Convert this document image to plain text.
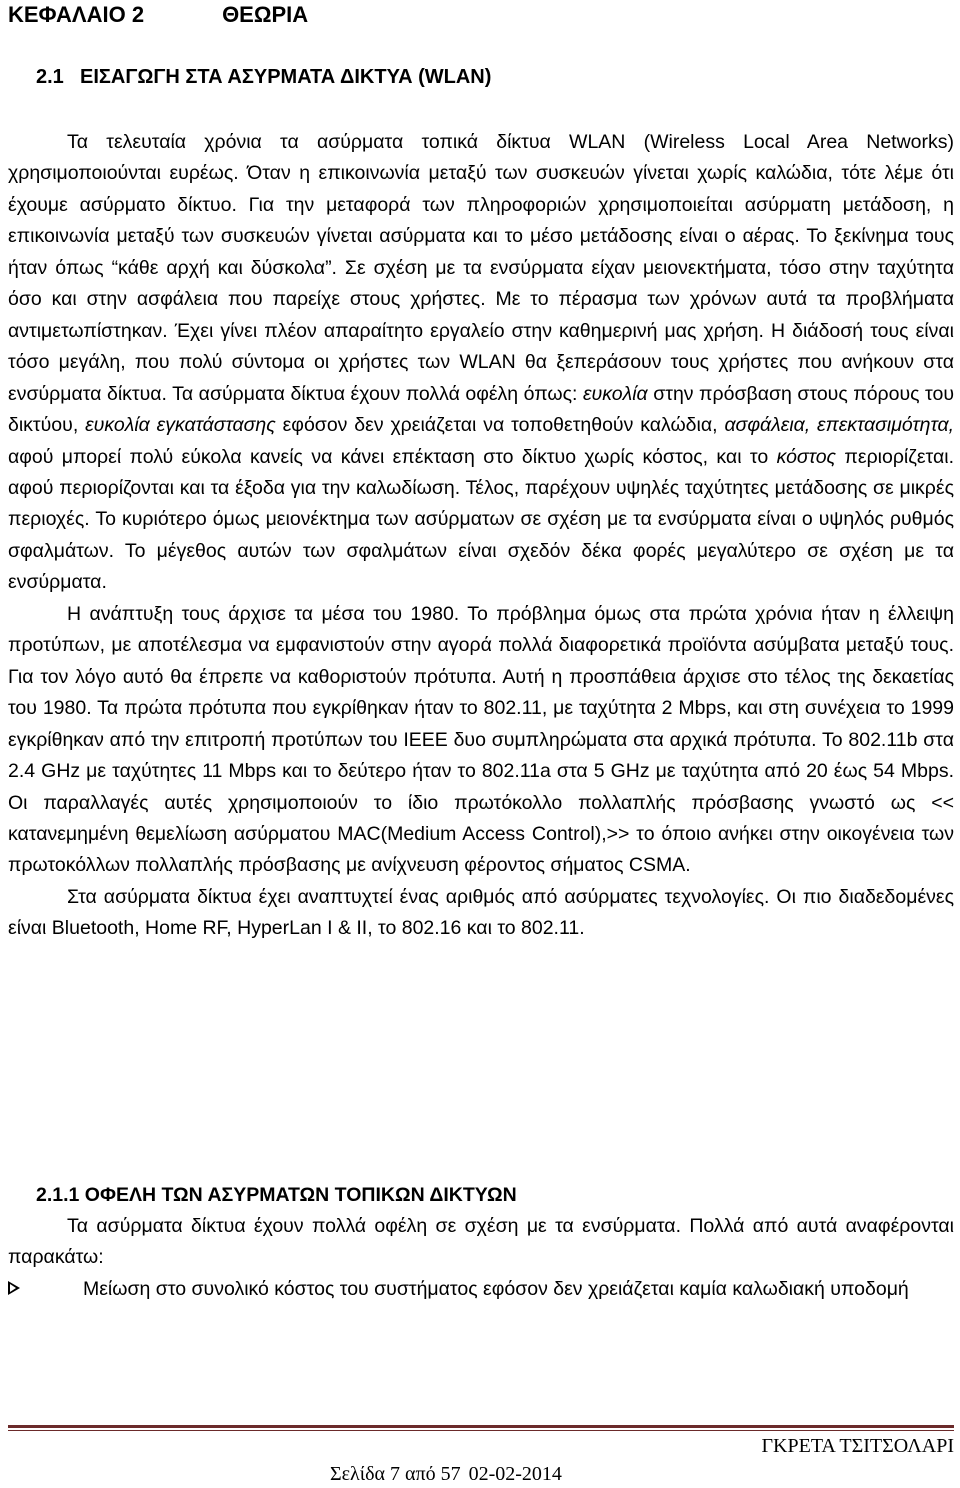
ΚΕΦΑΛΑΙΟ 2	ΘΕΩΡΙΑ
2.1 ΕΙΣΑΓΩΓΗ ΣΤΑ ΑΣΥΡΜΑΤΑ ΔΙΚΤΥΑ (WLAN)

Τα τελευταία χρόνια τα ασύρματα τοπικά δίκτυα WLAN (Wireless Local Area Networks) χρησιμοποιούνται ευρέως. Όταν η επικοινωνία μεταξύ των συσκευών γίνεται χωρίς καλώδια, τότε λέμε ότι έχουμε ασύρματο δίκτυο. Για την μεταφορά των πληροφοριών χρησιμοποιείται ασύρματη μετάδοση, η επικοινωνία μεταξύ των συσκευών γίνεται ασύρματα και το μέσο μετάδοσης είναι ο αέρας. Το ξεκίνημα τους ήταν όπως “κάθε αρχή και δύσκολα”. Σε σχέση με τα ενσύρματα είχαν μειονεκτήματα, τόσο στην ταχύτητα όσο και στην ασφάλεια που παρείχε στους χρήστες. Με το πέρασμα των χρόνων αυτά τα προβλήματα αντιμετωπίστηκαν. Έχει γίνει πλέον απαραίτητο εργαλείο στην καθημερινή μας χρήση. Η διάδοσή τους είναι τόσο μεγάλη, που πολύ σύντομα οι χρήστες των WLAN θα ξεπεράσουν τους χρήστες που ανήκουν στα ενσύρματα δίκτυα. Τα ασύρματα δίκτυα έχουν πολλά οφέλη όπως: ευκολία στην πρόσβαση στους πόρους του δικτύου, ευκολία εγκατάστασης εφόσον δεν χρειάζεται να τοποθετηθούν καλώδια, ασφάλεια, επεκτασιμότητα, αφού μπορεί πολύ εύκολα κανείς να κάνει επέκταση στο δίκτυο χωρίς κόστος, και το κόστος περιορίζεται. αφού περιορίζονται και τα έξοδα για την καλωδίωση. Τέλος, παρέχουν υψηλές ταχύτητες μετάδοσης σε μικρές περιοχές. Το κυριότερο όμως μειονέκτημα των ασύρματων σε σχέση με τα ενσύρματα είναι ο υψηλός ρυθμός σφαλμάτων. Το μέγεθος αυτών των σφαλμάτων είναι σχεδόν δέκα φορές μεγαλύτερο σε σχέση με τα ενσύρματα.

Η ανάπτυξη τους άρχισε τα μέσα του 1980. Το πρόβλημα όμως στα πρώτα χρόνια ήταν η έλλειψη προτύπων, με αποτέλεσμα να εμφανιστούν στην αγορά πολλά διαφορετικά προϊόντα ασύμβατα μεταξύ τους. Για τον λόγο αυτό θα έπρεπε να καθοριστούν πρότυπα. Αυτή η προσπάθεια άρχισε στο τέλος της δεκαετίας του 1980. Τα πρώτα πρότυπα που εγκρίθηκαν ήταν το 802.11, με ταχύτητα 2 Mbps, και στη συνέχεια το 1999 εγκρίθηκαν από την επιτροπή προτύπων του IEEE δυο συμπληρώματα στα αρχικά πρότυπα. Το 802.11b στα 2.4 GHz με ταχύτητες 11 Mbps και το δεύτερο ήταν το 802.11a στα 5 GHz με ταχύτητα από 20 έως 54 Mbps. Οι παραλλαγές αυτές χρησιμοποιούν το ίδιο πρωτόκολλο πολλαπλής πρόσβασης γνωστό ως << κατανεμημένη θεμελίωση ασύρματου MAC(Medium Access Control),>> το όποιο ανήκει στην οικογένεια των πρωτοκόλλων πολλαπλής πρόσβασης με ανίχνευση φέροντος σήματος CSMA.

Στα ασύρματα δίκτυα έχει αναπτυχτεί ένας αριθμός από ασύρματες τεχνολογίες. Οι πιο διαδεδομένες είναι Bluetooth, Home RF, HyperLan I & II, το 802.16 και το 802.11.

2.1.1 ΟΦΕΛΗ ΤΩΝ ΑΣΥΡΜΑΤΩΝ ΤΟΠΙΚΩΝ ΔΙΚΤΥΩΝ

Τα ασύρματα δίκτυα έχουν πολλά οφέλη σε σχέση με τα ενσύρματα. Πολλά από αυτά αναφέρονται παρακάτω:

Μείωση στο συνολικό κόστος του συστήματος εφόσον δεν χρειάζεται καμία καλωδιακή υποδομή
ΓΚΡΕΤΑ ΤΣΙΤΣΟΛΑΡΙ
Σελίδα 7 από 57 02-02-2014
